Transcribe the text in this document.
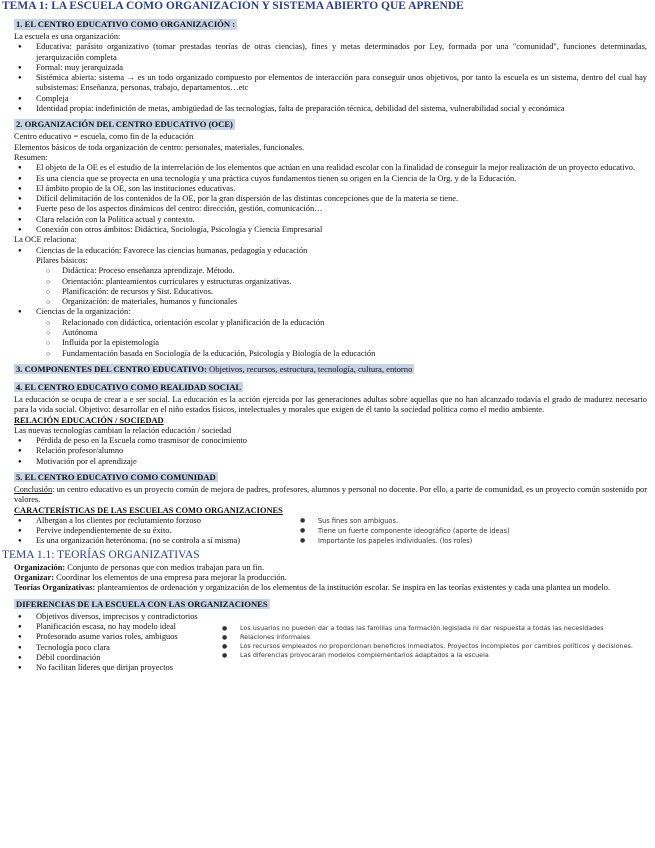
TEMA 1: LA ESCUELA COMO ORGANIZACIÓN Y SISTEMA ABIERTO QUE APRENDE
1. EL CENTRO EDUCATIVO COMO ORGANIZACIÓN :

La escuela es una organización:

● Educativa: parásito organizativo (tomar prestadas teorías de otras ciencias), fines y metas determinados por Ley, formada por una "comunidad", funciones determinadas, jerarquización completa
● Formal: muy jerarquizada
● Sistémica abierta: sistema → es un todo organizado compuesto por elementos de interacción para conseguir unos objetivos, por tanto la escuela es un sistema, dentro del cual hay subsistemas: Enseñanza, personas, trabajo, departamentos…etc
● Compleja
● Identidad propia: indefinición de metas, ambigüedad de las tecnologías, falta de preparación técnica, debilidad del sistema, vulnerabilidad social y económica
2. ORGANIZACIÓN DEL CENTRO EDUCATIVO (OCE)

Centro educativo = escuela, como fin de la educación

Elementos básicos de toda organización de centro: personales, materiales, funcionales.

Resumen:

● El objeto de la OE es el estudio de la interrelación de los elementos que actúan en una realidad escolar con la finalidad de conseguir la mejor realización de un proyecto educativo.
● Es una ciencia que se proyecta en una tecnología y una práctica cuyos fundamentos tienen su origen en la Ciencia de la Org. y de la Educación.
● El ámbito propio de la OE, son las instituciones educativas.
● Difícil delimitación de los contenidos de la OE, por la gran dispersión de las distintas concepciones que de la materia se tiene.
● Fuerte peso de los aspectos dinámicos del centro: dirección, gestión, comunicación…
● Clara relación con la Política actual y contexto.
● Conexión con otros ámbitos: Didáctica, Sociología, Psicología y Ciencia Empresarial

La OCE relaciona:

● Ciencias de la educación: Favorece las ciencias humanas, pedagogía y educación

Pilares básicos:

○ Didáctica: Proceso enseñanza aprendizaje. Método.
○ Orientación: planteamientos curriculares y estructuras organizativas.
○ Planificación: de recursos y Sist. Educativos.
○ Organización: de materiales, humanos y funcionales
● Ciencias de la organización:
○ Relacionado con didáctica, orientación escolar y planificación de la educación
○ Autónoma
○ Influida por la epistemología
○ Fundamentación basada en Sociología de la educación, Psicología y Biología de la educación
3. COMPONENTES DEL CENTRO EDUCATIVO: Objetivos, recursos, estructura, tecnología, cultura, entorno
4. EL CENTRO EDUCATIVO COMO REALIDAD SOCIAL

La educación se ocupa de crear a e ser social. La educación es la acción ejercida por las generaciones adultas sobre aquellas que no han alcanzado todavía el grado de madurez necesario para la vida social. Objetivo: desarrollar en el niño estados físicos, intelectuales y morales que exigen de él tanto la sociedad política como el medio ambiente.

RELACIÓN EDUCACIÓN / SOCIEDAD

Las nuevas tecnologías cambian la relación educación / sociedad

● Pérdida de peso en la Escuela como trasmisor de conocimiento
● Relación profesor/alumno
● Motivación por el aprendizaje
5. EL CENTRO EDUCATIVO COMO COMUNIDAD

Conclusión: un centro educativo es un proyecto común de mejora de padres, profesores, alumnos y personal no docente. Por ello, a parte de comunidad, es un proyecto común sostenido por valores.

CARACTERÍSTICAS DE LAS ESCUELAS COMO ORGANIZACIONES

● Albergan a los clientes por reclutamiento forzoso
● Pervive independientemente de su éxito.
● Es una organización heterónoma. (no se controla a sí misma)
● Sus fines son ambiguos.
● Tiene un fuerte componente ideográfico (aporte de ideas)
● Importante los papeles individuales. (los roles)
TEMA 1.1: TEORÍAS ORGANIZATIVAS

Organización: Conjunto de personas que con medios trabajan para un fin.

Organizar: Coordinar los elementos de una empresa para mejorar la producción.

Teorías Organizativas: planteamientos de ordenación y organización de los elementos de la institución escolar. Se inspira en las teorías existentes y cada una plantea un modelo.

DIFERENCIAS DE LA ESCUELA CON LAS ORGANIZACIONES
● Objetivos diversos, imprecisos y contradictorios
● Planificación escasa, no hay modelo ideal
● Profesorado asume varios roles, ambiguos
● Tecnología poco clara
● Débil coordinación
● No facilitan líderes que dirijan proyectos
● Los usuarios no pueden dar a todas las familias una formación legislada ni dar respuesta a todas las necesidades
● Relaciones informales
● Los recursos empleados no proporcionan beneficios inmediatos. Proyectos incompletos por cambios políticos y decisiones.
● Las diferencias provocaran modelos complementarios adaptados a la escuela
